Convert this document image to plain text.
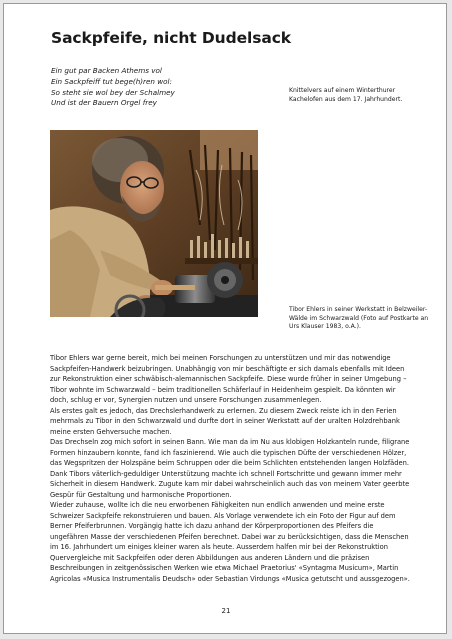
Sackpfeife, nicht Dudelsack
Ein gut par Backen Athems vol
Ein Sackpfeiff tut bege(h)ren wol:
So steht sie wol bey der Schalmey
Und ist der Bauern Orgel frey
Knittelvers auf einem Winterthurer Kachelofen aus dem 17. Jahrhundert.
Tibor Ehlers in seiner Werkstatt in Belzweiler-Wälde im Schwarzwald (Foto auf Postkarte an Urs Klauser 1983, o.A.).

Tibor Ehlers war gerne bereit, mich bei meinen Forschungen zu unterstützen und mir das notwendige Sackpfeifen-Handwerk beizubringen. Unabhängig von mir beschäftigte er sich damals ebenfalls mit Ideen zur Rekonstruktion einer schwäbisch-alemannischen Sackpfeife. Diese wurde früher in seiner Umgebung – Tibor wohnte im Schwarzwald – beim traditionellen Schäferlauf in Heidenheim gespielt. Da könnten wir doch, schlug er vor, Synergien nutzen und unsere Forschungen zusammenlegen.

Als erstes galt es jedoch, das Drechslerhandwerk zu erlernen. Zu diesem Zweck reiste ich in den Ferien mehrmals zu Tibor in den Schwarzwald und durfte dort in seiner Werkstatt auf der uralten Holzdrehbank meine ersten Gehversuche machen.

Das Drechseln zog mich sofort in seinen Bann. Wie man da im Nu aus klobigen Holzkanteln runde, filigrane Formen hinzaubern konnte, fand ich faszinierend. Wie auch die typischen Düfte der verschiedenen Hölzer, das Wegspritzen der Holzspäne beim Schruppen oder die beim Schlichten entstehenden langen Holzfäden. Dank Tibors väterlich-geduldiger Unterstützung machte ich schnell Fortschritte und gewann immer mehr Sicherheit in diesem Handwerk. Zugute kam mir dabei wahrscheinlich auch das von meinem Vater geerbte Gespür für Gestaltung und harmonische Proportionen.

Wieder zuhause, wollte ich die neu erworbenen Fähigkeiten nun endlich anwenden und meine erste Schweizer Sackpfeife rekonstruieren und bauen. Als Vorlage verwendete ich ein Foto der Figur auf dem Berner Pfeiferbrunnen. Vorgängig hatte ich dazu anhand der Körperproportionen des Pfeifers die ungefähren Masse der verschiedenen Pfeifen berechnet. Dabei war zu berücksichtigen, dass die Menschen im 16. Jahrhundert um einiges kleiner waren als heute. Ausserdem halfen mir bei der Rekonstruktion Quervergleiche mit Sackpfeifen oder deren Abbildungen aus anderen Ländern und die präzisen Beschreibungen in zeitgenössischen Werken wie etwa Michael Praetorius' «Syntagma Musicum», Martin Agricolas «Musica Instrumentalis Deudsch» oder Sebastian Virdungs «Musica getutscht und aussgezogen».

21
